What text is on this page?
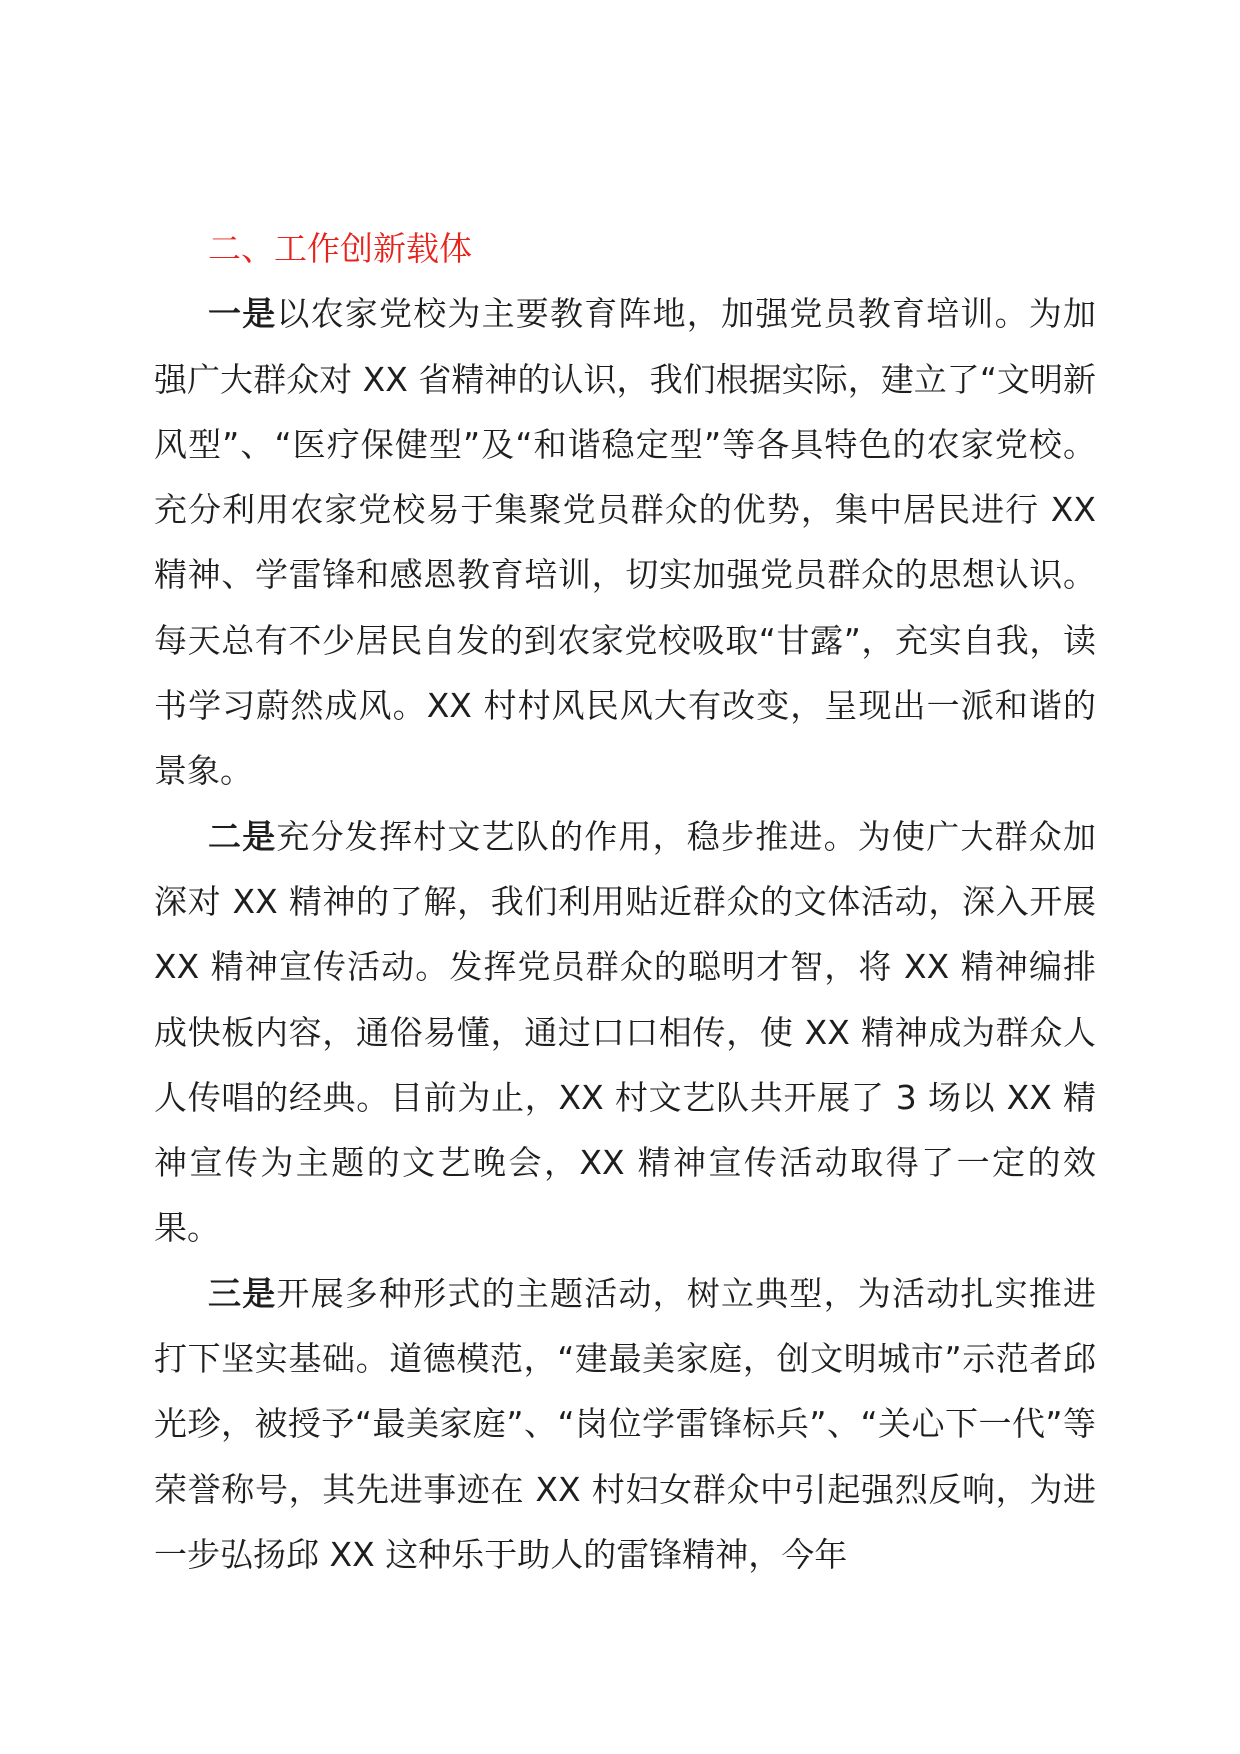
二、工作创新载体

一是以农家党校为主要教育阵地，加强党员教育培训。为加强广大群众对 XX 省精神的认识，我们根据实际，建立了“文明新风型”、“医疗保健型”及“和谐稳定型”等各具特色的农家党校。充分利用农家党校易于集聚党员群众的优势，集中居民进行 XX 精神、学雷锋和感恩教育培训，切实加强党员群众的思想认识。每天总有不少居民自发的到农家党校吸取“甘露”，充实自我，读书学习蔚然成风。XX 村村风民风大有改变，呈现出一派和谐的景象。

二是充分发挥村文艺队的作用，稳步推进。为使广大群众加深对 XX 精神的了解，我们利用贴近群众的文体活动，深入开展 XX 精神宣传活动。发挥党员群众的聪明才智，将 XX 精神编排成快板内容，通俗易懂，通过口口相传，使 XX 精神成为群众人人传唱的经典。目前为止，XX 村文艺队共开展了 3 场以 XX 精神宣传为主题的文艺晚会，XX 精神宣传活动取得了一定的效果。

三是开展多种形式的主题活动，树立典型，为活动扎实推进打下坚实基础。道德模范，“建最美家庭，创文明城市”示范者邱光珍，被授予“最美家庭”、“岗位学雷锋标兵”、“关心下一代”等荣誉称号，其先进事迹在 XX 村妇女群众中引起强烈反响，为进一步弘扬邱 XX 这种乐于助人的雷锋精神，今年
